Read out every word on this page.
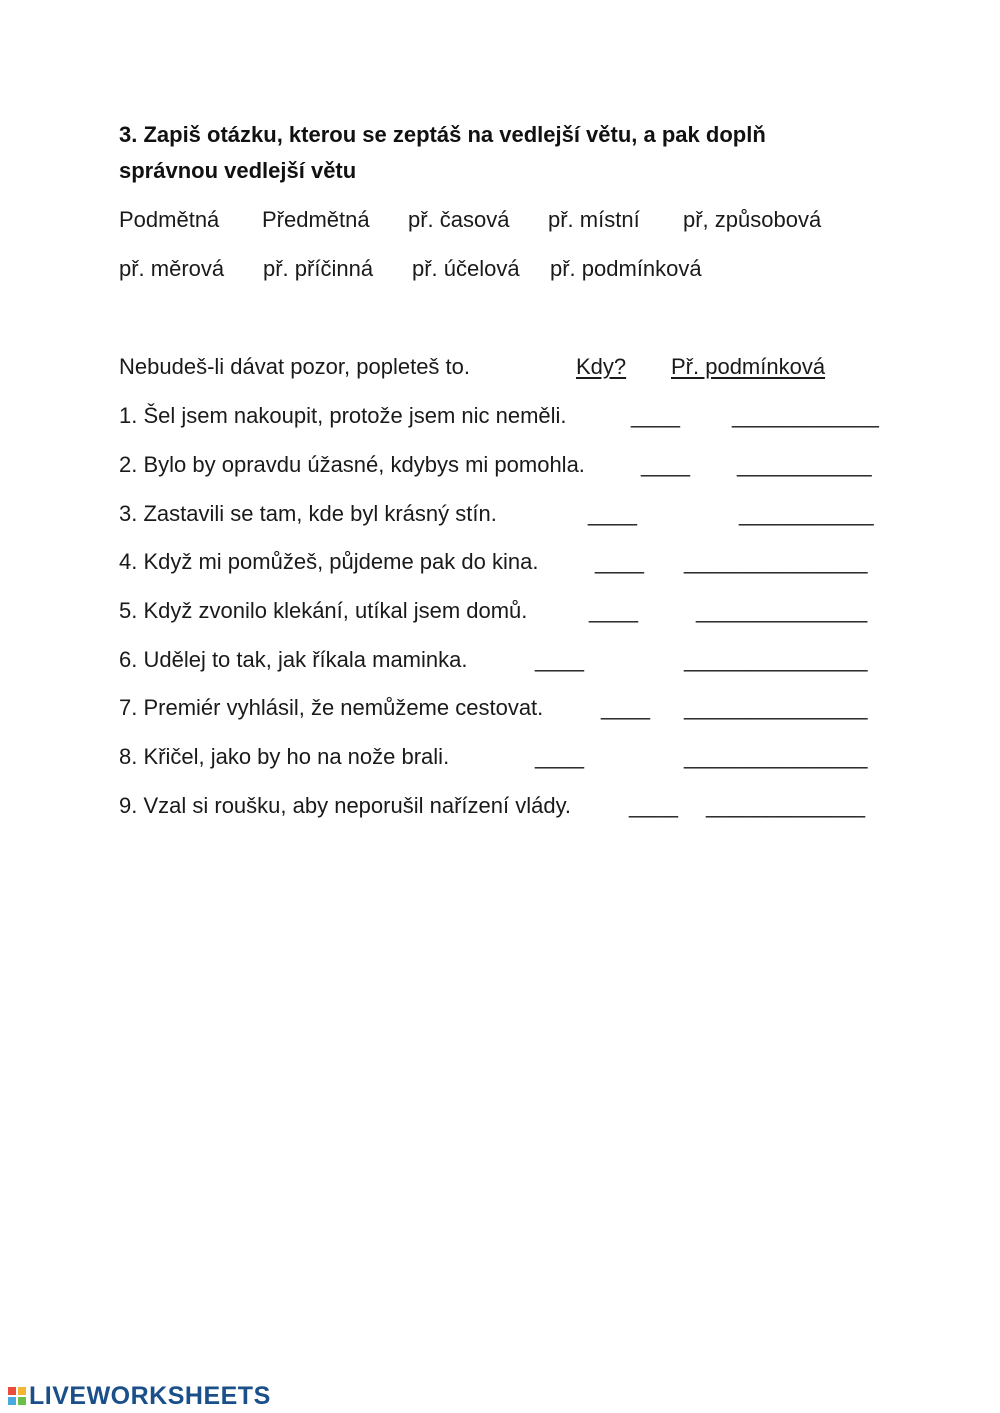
3. Zapiš otázku, kterou se zeptáš na vedlejší větu, a pak doplň
správnou vedlejší větu
Podmětná Předmětná př. časová př. místní př, způsobová
př. měrová př. příčinná př. účelová př. podmínková
Nebudeš-li dávat pozor, popleteš to.	Kdy? Př. podmínková
1. Šel jsem nakoupit, protože jsem nic neměli.	____ ____________
2. Bylo by opravdu úžasné, kdybys mi pomohla.	____ ___________
3. Zastavili se tam, kde byl krásný stín.	____	___________
4. Když mi pomůžeš, půjdeme pak do kina.	____ _______________
5. Když zvonilo klekání, utíkal jsem domů.	____	______________
6. Udělej to tak, jak říkala maminka.	____	_______________
7. Premiér vyhlásil, že nemůžeme cestovat.	____ _______________
8. Křičel, jako by ho na nože brali.	____	_______________
9. Vzal si roušku, aby neporušil nařízení vlády.	____ _____________
LIVEWORKSHEETS
